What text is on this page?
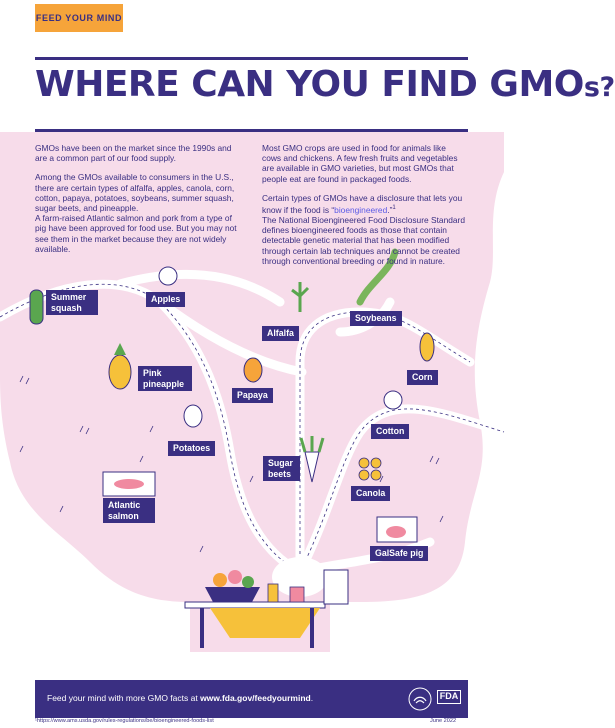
FEED YOUR MIND
WHERE CAN YOU FIND GMOs?

GMOs have been on the market since the 1990s and are a common part of our food supply.

Among the GMOs available to consumers in the U.S., there are certain types of alfalfa, apples, canola, corn, cotton, papaya, potatoes, soybeans, summer squash, sugar beets, and pineapple.

A farm-raised Atlantic salmon and pork from a type of pig have been approved for food use. But you may not see them in the market because they are not widely available.

Most GMO crops are used in food for animals like cows and chickens. A few fresh fruits and vegetables are available in GMO varieties, but most GMOs that people eat are found in packaged foods.

Certain types of GMOs have a disclosure that lets you know if the food is “bioengineered.”$^1$

The National Bioengineered Food Disclosure Standard defines bioengineered foods as those that contain detectable genetic material that has been modified through certain lab techniques and cannot be created through conventional breeding or found in nature.

Summer squash
Apples
Alfalfa
Soybeans
Pink pineapple
Papaya
Corn
Cotton
Potatoes
Sugar beets
Canola
Atlantic salmon
GalSafe pig
Feed your mind with more GMO facts at www.fda.gov/feedyourmind.	FDA
¹https://www.ams.usda.gov/rules-regulations/be/bioengineered-foods-list	June 2022
